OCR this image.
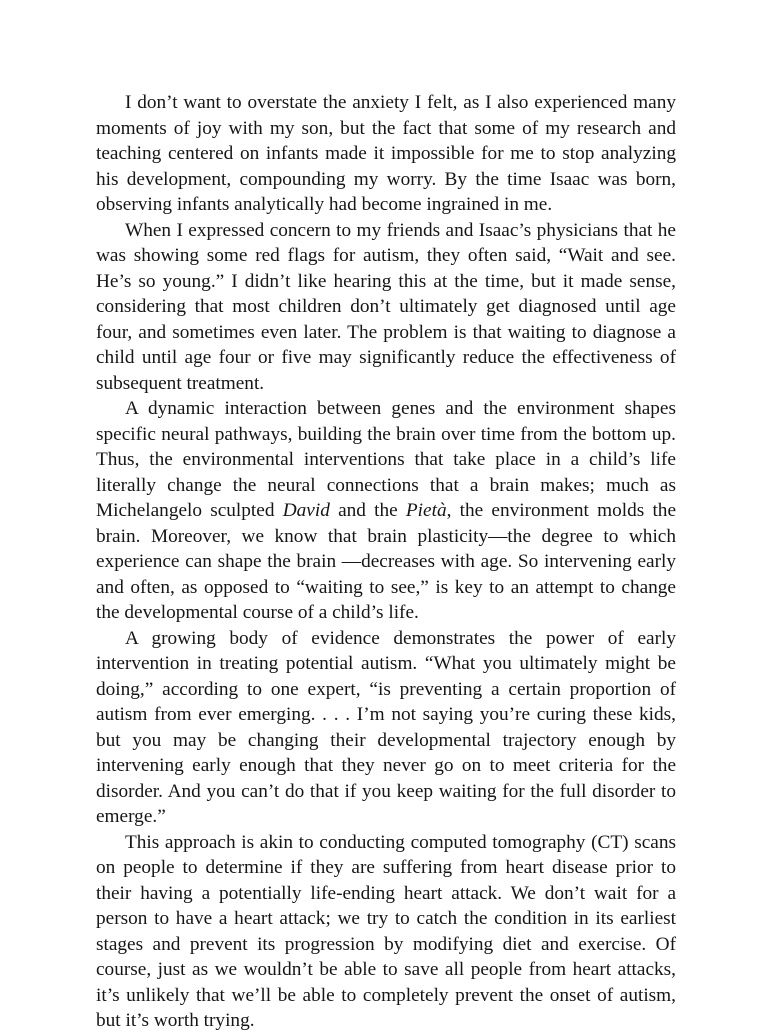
I don’t want to overstate the anxiety I felt, as I also experienced many moments of joy with my son, but the fact that some of my research and teaching centered on infants made it impossible for me to stop analyzing his development, compounding my worry. By the time Isaac was born, observing infants analytically had become ingrained in me.

When I expressed concern to my friends and Isaac’s physicians that he was showing some red flags for autism, they often said, “Wait and see. He’s so young.” I didn’t like hearing this at the time, but it made sense, considering that most children don’t ultimately get diagnosed until age four, and sometimes even later. The problem is that waiting to diagnose a child until age four or five may significantly reduce the effectiveness of subsequent treatment.

A dynamic interaction between genes and the environment shapes specific neural pathways, building the brain over time from the bottom up. Thus, the environmental interventions that take place in a child’s life literally change the neural connections that a brain makes; much as Michelangelo sculpted David and the Pietà, the environment molds the brain. Moreover, we know that brain plasticity—the degree to which experience can shape the brain —decreases with age. So intervening early and often, as opposed to “waiting to see,” is key to an attempt to change the developmental course of a child’s life.

A growing body of evidence demonstrates the power of early intervention in treating potential autism. “What you ultimately might be doing,” according to one expert, “is preventing a certain proportion of autism from ever emerging. . . . I’m not saying you’re curing these kids, but you may be changing their developmental trajectory enough by intervening early enough that they never go on to meet criteria for the disorder. And you can’t do that if you keep waiting for the full disorder to emerge.”

This approach is akin to conducting computed tomography (CT) scans on people to determine if they are suffering from heart disease prior to their having a potentially life-ending heart attack. We don’t wait for a person to have a heart attack; we try to catch the condition in its earliest stages and prevent its progression by modifying diet and exercise. Of course, just as we wouldn’t be able to save all people from heart attacks, it’s unlikely that we’ll be able to completely prevent the onset of autism, but it’s worth trying.
